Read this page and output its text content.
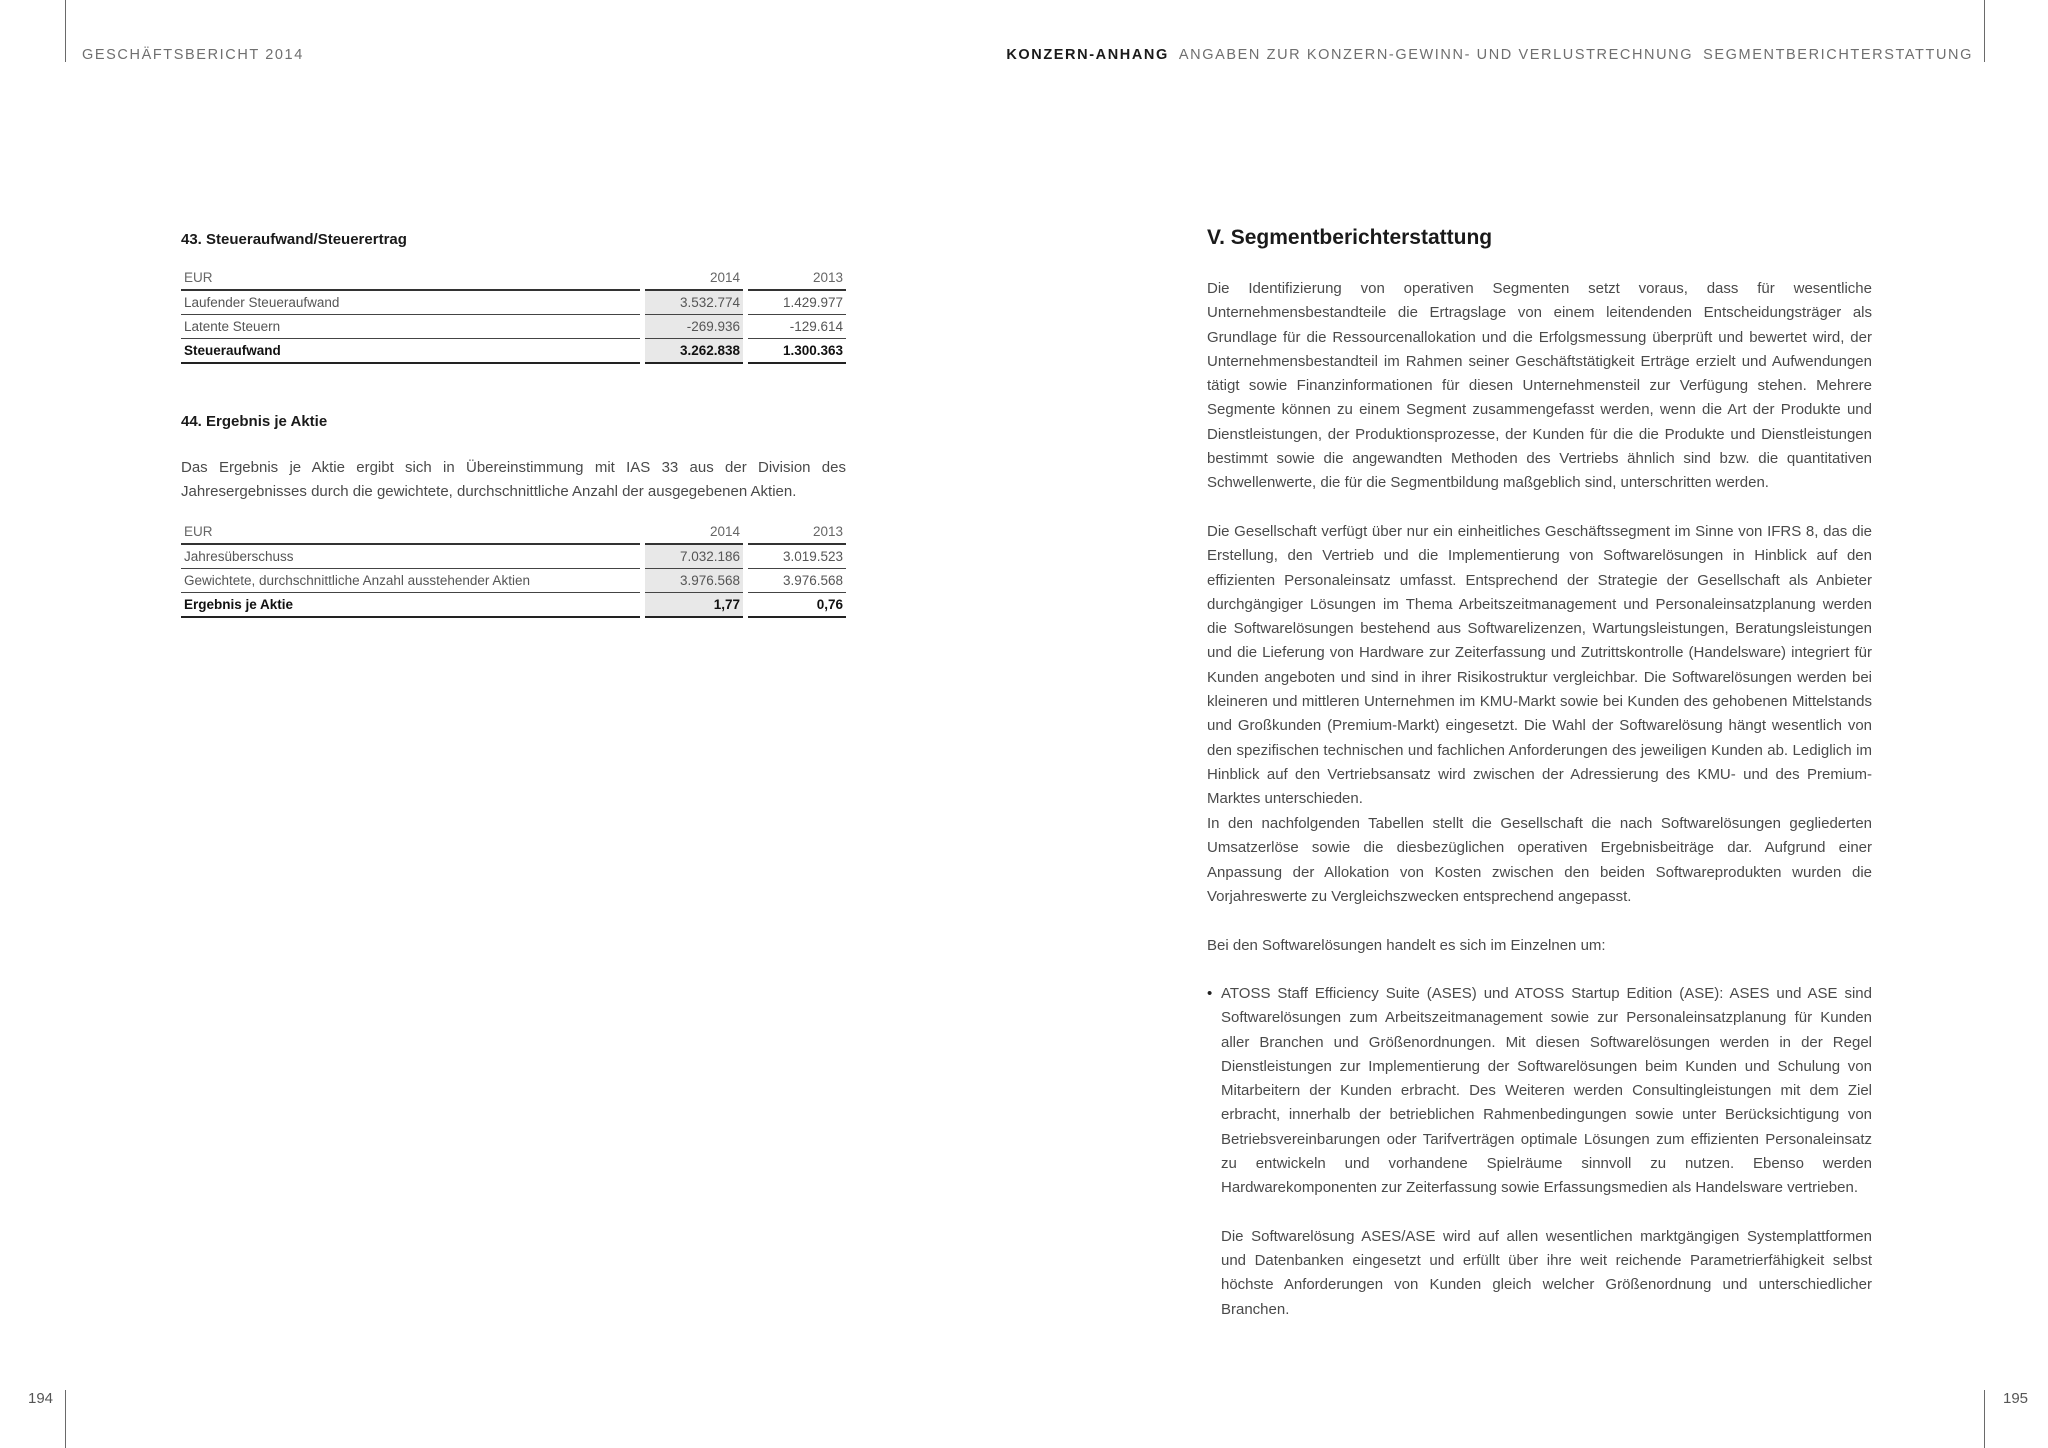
GESCHÄFTSBERICHT 2014	KONZERN-ANHANG ANGABEN ZUR KONZERN-GEWINN- UND VERLUSTRECHNUNG SEGMENTBERICHTERSTATTUNG
194	195
43. Steueraufwand/Steuerertrag
EUR		2014		2013
Laufender Steueraufwand		3.532.774		1.429.977
Latente Steuern		-269.936		-129.614
Steueraufwand		3.262.838		1.300.363
44. Ergebnis je Aktie
Das Ergebnis je Aktie ergibt sich in Übereinstimmung mit IAS 33 aus der Division des Jahresergebnisses durch die gewichtete, durchschnittliche Anzahl der ausgegebenen Aktien.
EUR		2014		2013
Jahresüberschuss		7.032.186		3.019.523
Gewichtete, durchschnittliche Anzahl ausstehender Aktien		3.976.568		3.976.568
Ergebnis je Aktie		1,77		0,76
V. Segmentberichterstattung
Die Identifizierung von operativen Segmenten setzt voraus, dass für wesentliche Unternehmensbestandteile die Ertragslage von einem leitendenden Entscheidungsträger als Grundlage für die Ressourcenallokation und die Erfolgsmessung überprüft und bewertet wird, der Unternehmensbestandteil im Rahmen seiner Geschäftstätigkeit Erträge erzielt und Aufwendungen tätigt sowie Finanzinformationen für diesen Unternehmensteil zur Verfügung stehen. Mehrere Segmente können zu einem Segment zusammengefasst werden, wenn die Art der Produkte und Dienstleistungen, der Produktionsprozesse, der Kunden für die die Produkte und Dienstleistungen bestimmt sowie die angewandten Methoden des Vertriebs ähnlich sind bzw. die quantitativen Schwellenwerte, die für die Segmentbildung maßgeblich sind, unterschritten werden.
Die Gesellschaft verfügt über nur ein einheitliches Geschäftssegment im Sinne von IFRS 8, das die Erstellung, den Vertrieb und die Implementierung von Softwarelösungen in Hinblick auf den effizienten Personaleinsatz umfasst. Entsprechend der Strategie der Gesellschaft als Anbieter durchgängiger Lösungen im Thema Arbeitszeitmanagement und Personaleinsatzplanung werden die Softwarelösungen bestehend aus Softwarelizenzen, Wartungsleistungen, Beratungsleistungen und die Lieferung von Hardware zur Zeiterfassung und Zutrittskontrolle (Handelsware) integriert für Kunden angeboten und sind in ihrer Risikostruktur vergleichbar. Die Softwarelösungen werden bei kleineren und mittleren Unternehmen im KMU-Markt sowie bei Kunden des gehobenen Mittelstands und Großkunden (Premium-Markt) eingesetzt. Die Wahl der Softwarelösung hängt wesentlich von den spezifischen technischen und fachlichen Anforderungen des jeweiligen Kunden ab. Lediglich im Hinblick auf den Vertriebsansatz wird zwischen der Adressierung des KMU- und des Premium-Marktes unterschieden.
In den nachfolgenden Tabellen stellt die Gesellschaft die nach Softwarelösungen gegliederten Umsatzerlöse sowie die diesbezüglichen operativen Ergebnisbeiträge dar. Aufgrund einer Anpassung der Allokation von Kosten zwischen den beiden Softwareprodukten wurden die Vorjahreswerte zu Vergleichszwecken entsprechend angepasst.
Bei den Softwarelösungen handelt es sich im Einzelnen um:
• ATOSS Staff Efficiency Suite (ASES) und ATOSS Startup Edition (ASE): ASES und ASE sind Softwarelösungen zum Arbeitszeitmanagement sowie zur Personaleinsatzplanung für Kunden aller Branchen und Größenordnungen. Mit diesen Softwarelösungen werden in der Regel Dienstleistungen zur Implementierung der Softwarelösungen beim Kunden und Schulung von Mitarbeitern der Kunden erbracht. Des Weiteren werden Consultingleistungen mit dem Ziel erbracht, innerhalb der betrieblichen Rahmenbedingungen sowie unter Berücksichtigung von Betriebsvereinbarungen oder Tarifverträgen optimale Lösungen zum effizienten Personaleinsatz zu entwickeln und vorhandene Spielräume sinnvoll zu nutzen. Ebenso werden Hardwarekomponenten zur Zeiterfassung sowie Erfassungsmedien als Handelsware vertrieben.

Die Softwarelösung ASES/ASE wird auf allen wesentlichen marktgängigen Systemplattformen und Datenbanken eingesetzt und erfüllt über ihre weit reichende Parametrierfähigkeit selbst höchste Anforderungen von Kunden gleich welcher Größenordnung und unterschiedlicher Branchen.
